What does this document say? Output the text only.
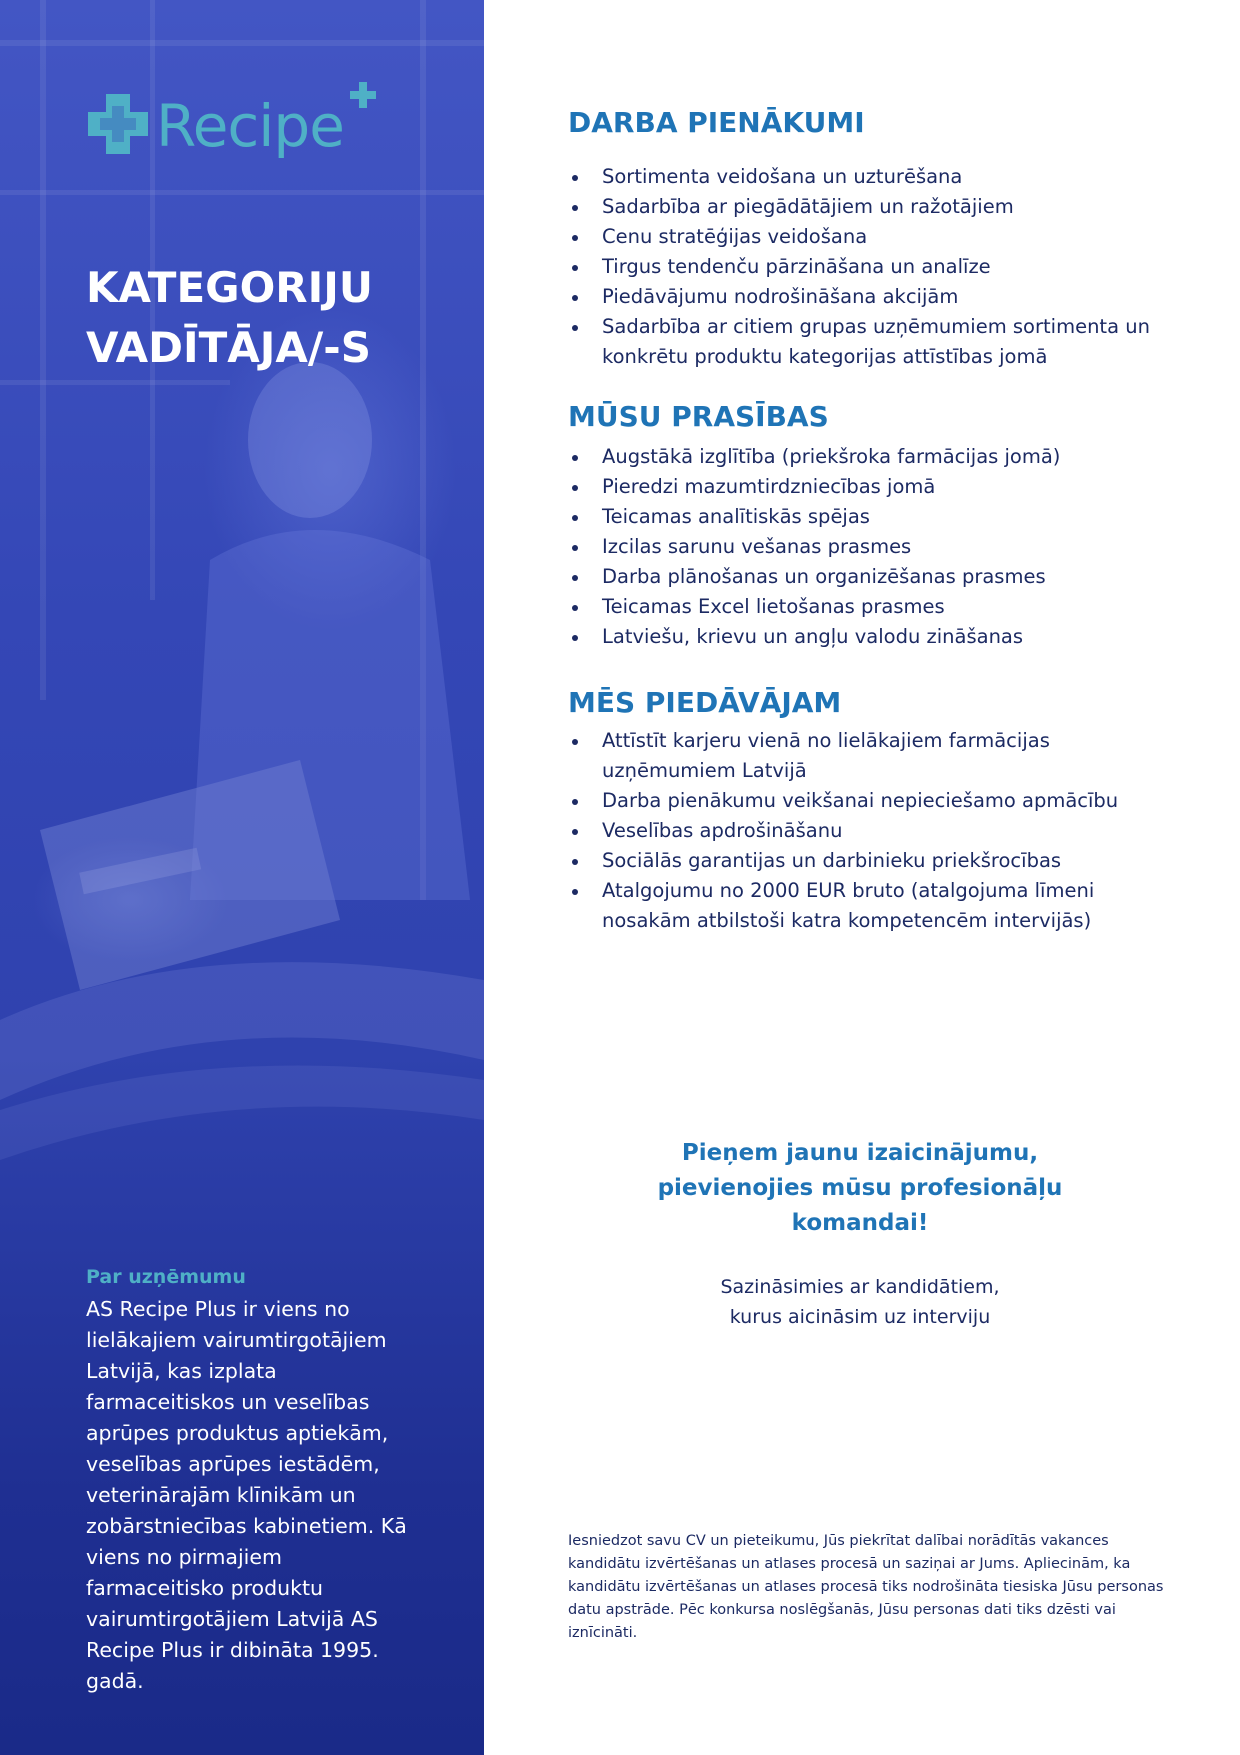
Recipe
KATEGORIJU
VADĪTĀJA/-S
Par uzņēmumu
AS Recipe Plus ir viens no lielākajiem vairumtirgotājiem Latvijā, kas izplata farmaceitiskos un veselības aprūpes produktus aptiekām, veselības aprūpes iestādēm, veterinārajām klīnikām un zobārstniecības kabinetiem. Kā viens no pirmajiem farmaceitisko produktu vairumtirgotājiem Latvijā AS Recipe Plus ir dibināta 1995. gadā.
DARBA PIENĀKUMI
Sortimenta veidošana un uzturēšana
Sadarbība ar piegādātājiem un ražotājiem
Cenu stratēģijas veidošana
Tirgus tendenču pārzināšana un analīze
Piedāvājumu nodrošināšana akcijām
Sadarbība ar citiem grupas uzņēmumiem sortimenta un konkrētu produktu kategorijas attīstības jomā
MŪSU PRASĪBAS
Augstākā izglītība (priekšroka farmācijas jomā)
Pieredzi mazumtirdzniecības jomā
Teicamas analītiskās spējas
Izcilas sarunu vešanas prasmes
Darba plānošanas un organizēšanas prasmes
Teicamas Excel lietošanas prasmes
Latviešu, krievu un angļu valodu zināšanas
MĒS PIEDĀVĀJAM
Attīstīt karjeru vienā no lielākajiem farmācijas uzņēmumiem Latvijā
Darba pienākumu veikšanai nepieciešamo apmācību
Veselības apdrošināšanu
Sociālās garantijas un darbinieku priekšrocības
Atalgojumu no 2000 EUR bruto (atalgojuma līmeni nosakām atbilstoši katra kompetencēm intervijās)
Pieņem jaunu izaicinājumu,
pievienojies mūsu profesionāļu
komandai!
Sazināsimies ar kandidātiem,
kurus aicināsim uz interviju
Iesniedzot savu CV un pieteikumu, Jūs piekrītat dalībai norādītās vakances kandidātu izvērtēšanas un atlases procesā un saziņai ar Jums. Apliecinām, ka kandidātu izvērtēšanas un atlases procesā tiks nodrošināta tiesiska Jūsu personas datu apstrāde. Pēc konkursa noslēgšanās, Jūsu personas dati tiks dzēsti vai iznīcināti.
